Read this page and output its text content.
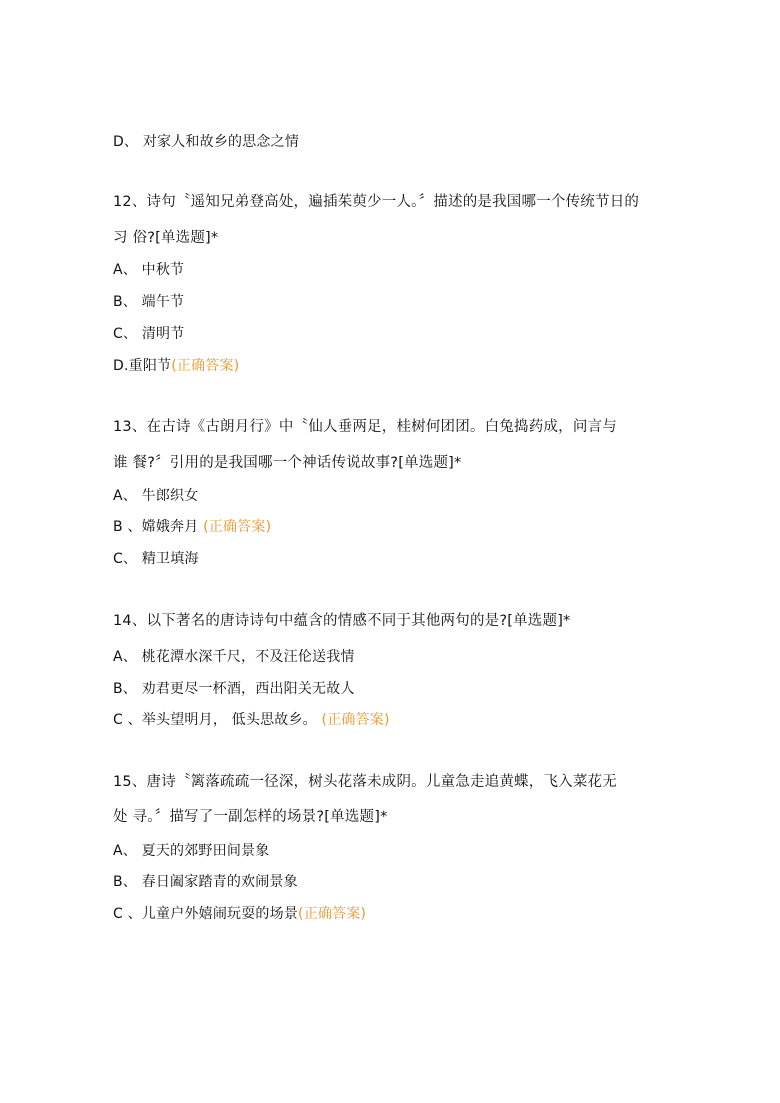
D、 对家人和故乡的思念之情
12、诗句〝遥知兄弟登高处，遍插茱萸少一人。〞描述的是我国哪一个传统节日的
习 俗?[单选题]*
A、 中秋节
B、 端午节
C、 清明节
D.重阳节(正确答案)
13、在古诗《古朗月行》中〝仙人垂两足，桂树何团团。白兔捣药成，问言与
谁 餐?〞引用的是我国哪一个神话传说故事?[单选题]*
A、 牛郎织女
B 、嫦娥奔月 (正确答案)
C、 精卫填海
14、以下著名的唐诗诗句中蕴含的情感不同于其他两句的是?[单选题]*
A、 桃花潭水深千尺，不及汪伦送我情
B、 劝君更尽一杯酒，西出阳关无故人
C 、举头望明月， 低头思故乡。 (正确答案)
15、唐诗〝篱落疏疏一径深，树头花落未成阴。儿童急走追黄蝶，飞入菜花无
处 寻。〞描写了一副怎样的场景?[单选题]*
A、 夏天的郊野田间景象
B、 春日阖家踏青的欢闹景象
C 、儿童户外嬉闹玩耍的场景(正确答案)
